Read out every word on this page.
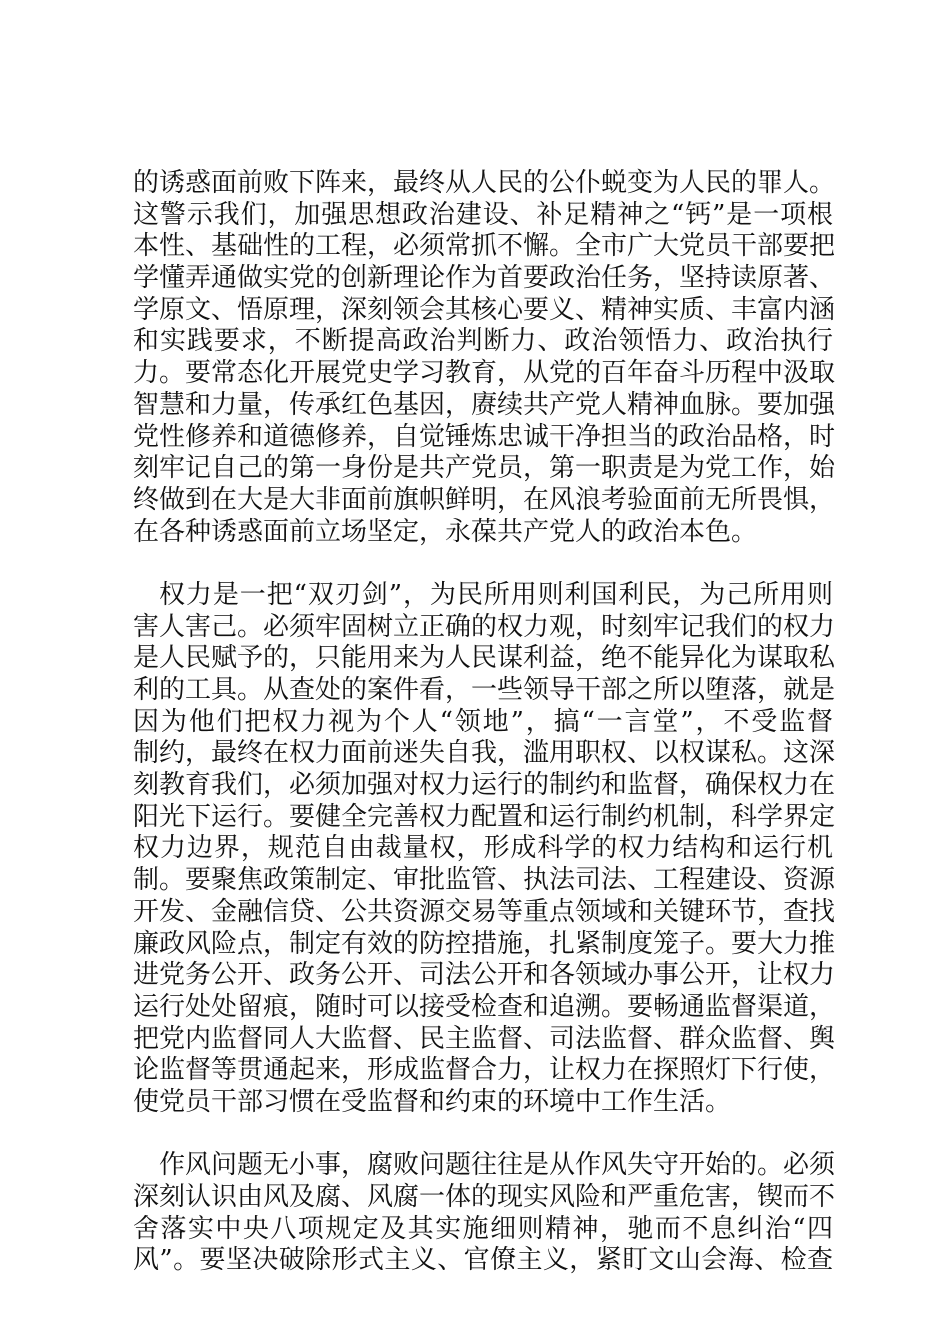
的诱惑面前败下阵来，最终从人民的公仆蜕变为人民的罪人。
这警示我们，加强思想政治建设、补足精神之“钙”是一项根
本性、基础性的工程，必须常抓不懈。全市广大党员干部要把
学懂弄通做实党的创新理论作为首要政治任务，坚持读原著、
学原文、悟原理，深刻领会其核心要义、精神实质、丰富内涵
和实践要求，不断提高政治判断力、政治领悟力、政治执行
力。要常态化开展党史学习教育，从党的百年奋斗历程中汲取
智慧和力量，传承红色基因，赓续共产党人精神血脉。要加强
党性修养和道德修养，自觉锤炼忠诚干净担当的政治品格，时
刻牢记自己的第一身份是共产党员，第一职责是为党工作，始
终做到在大是大非面前旗帜鲜明，在风浪考验面前无所畏惧，
在各种诱惑面前立场坚定，永葆共产党人的政治本色。
权力是一把“双刃剑”，为民所用则利国利民，为己所用则
害人害己。必须牢固树立正确的权力观，时刻牢记我们的权力
是人民赋予的，只能用来为人民谋利益，绝不能异化为谋取私
利的工具。从查处的案件看，一些领导干部之所以堕落，就是
因为他们把权力视为个人“领地”，搞“一言堂”，不受监督
制约，最终在权力面前迷失自我，滥用职权、以权谋私。这深
刻教育我们，必须加强对权力运行的制约和监督，确保权力在
阳光下运行。要健全完善权力配置和运行制约机制，科学界定
权力边界，规范自由裁量权，形成科学的权力结构和运行机
制。要聚焦政策制定、审批监管、执法司法、工程建设、资源
开发、金融信贷、公共资源交易等重点领域和关键环节，查找
廉政风险点，制定有效的防控措施，扎紧制度笼子。要大力推
进党务公开、政务公开、司法公开和各领域办事公开，让权力
运行处处留痕，随时可以接受检查和追溯。要畅通监督渠道，
把党内监督同人大监督、民主监督、司法监督、群众监督、舆
论监督等贯通起来，形成监督合力，让权力在探照灯下行使，
使党员干部习惯在受监督和约束的环境中工作生活。
作风问题无小事，腐败问题往往是从作风失守开始的。必须
深刻认识由风及腐、风腐一体的现实风险和严重危害，锲而不
舍落实中央八项规定及其实施细则精神，驰而不息纠治“四
风”。要坚决破除形式主义、官僚主义，紧盯文山会海、检查
